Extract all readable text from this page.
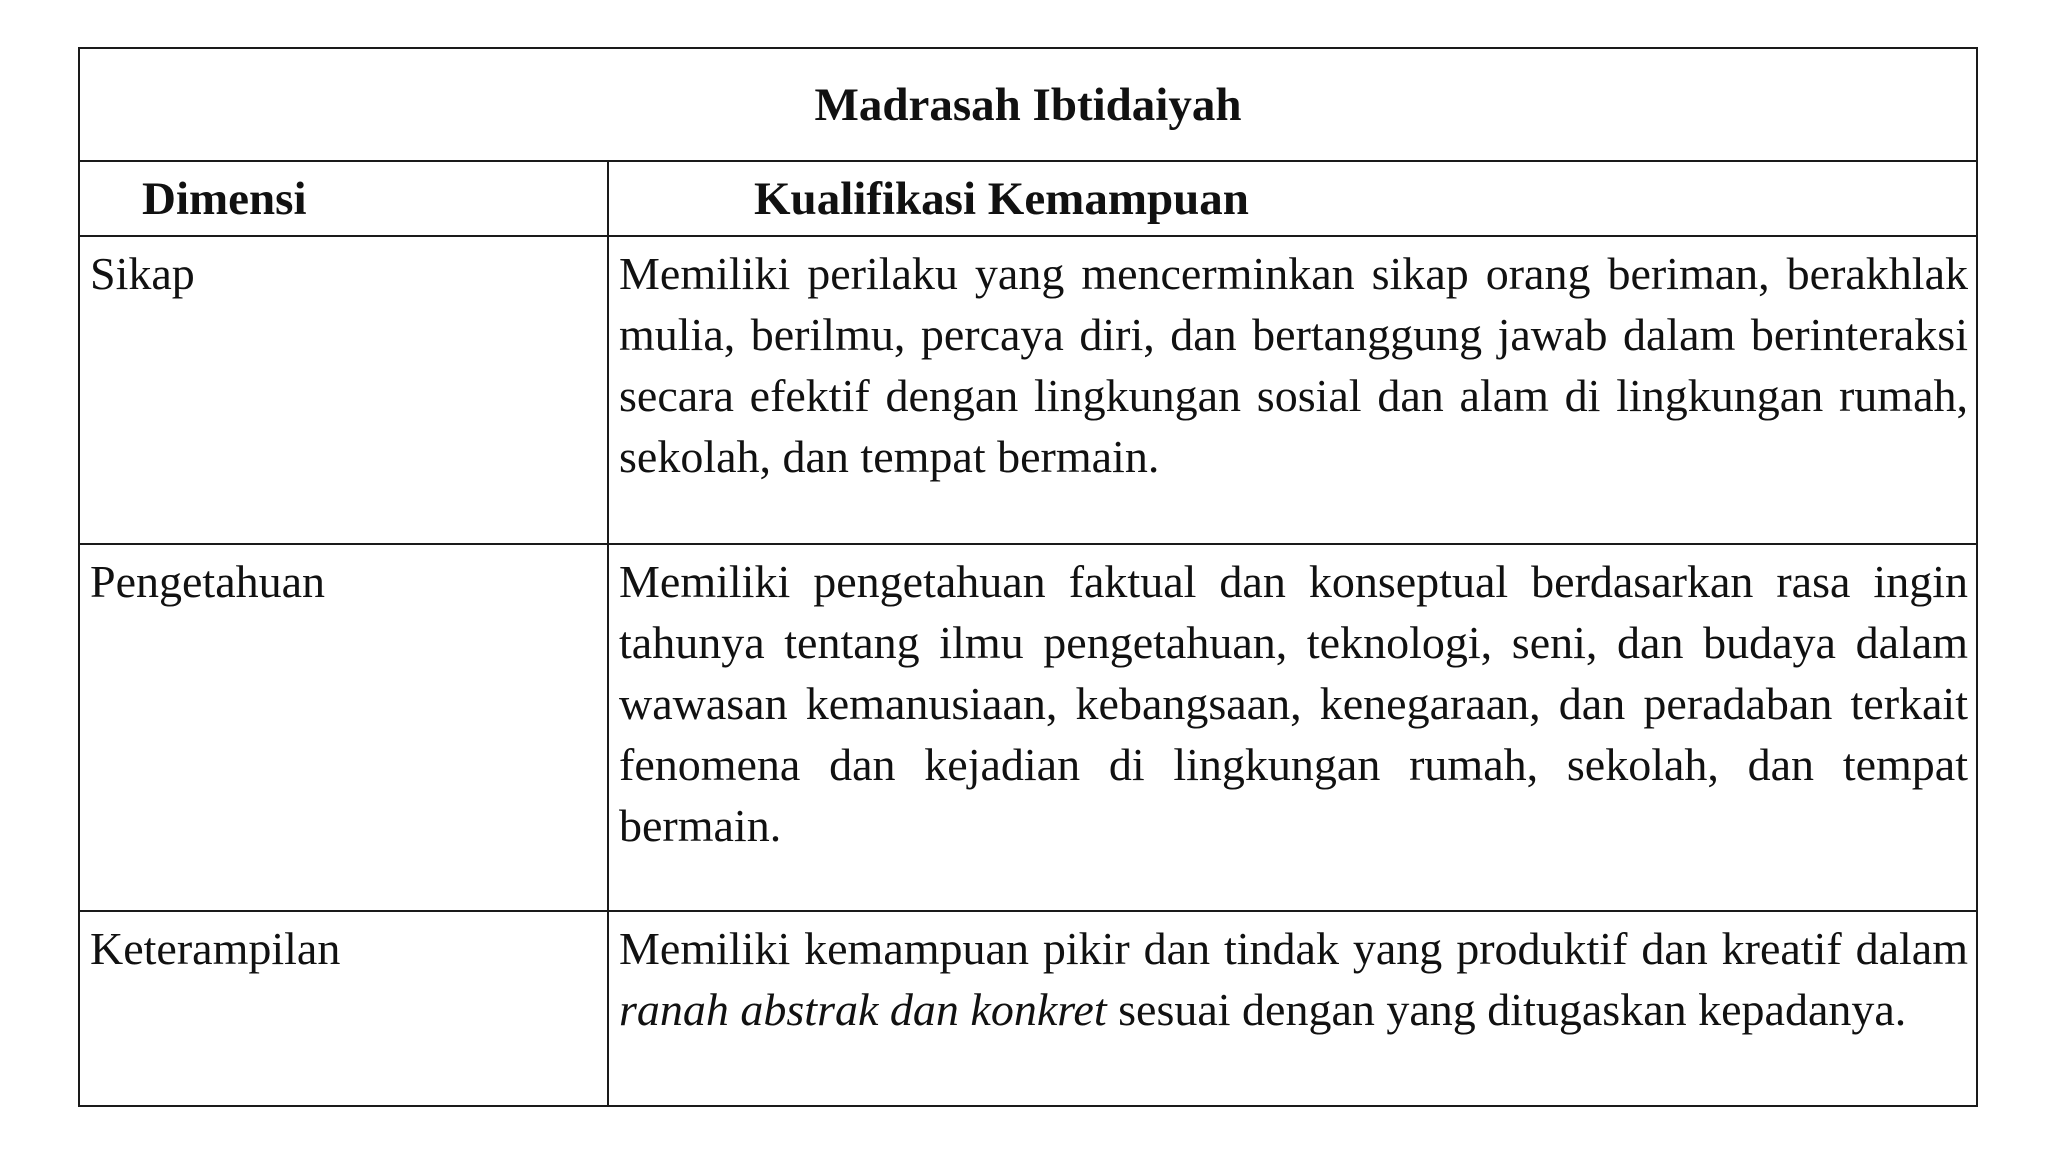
Madrasah Ibtidaiyah	
Dimensi	Kualifikasi Kemampuan
Sikap	Memiliki perilaku yang mencerminkan sikap orang beriman, berakhlak mulia, berilmu, percaya diri, dan bertanggung jawab dalam berinteraksi secara efektif dengan lingkungan sosial dan alam di lingkungan rumah, sekolah, dan tempat bermain.
Pengetahuan	Memiliki pengetahuan faktual dan konseptual berdasarkan rasa ingin tahunya tentang ilmu pengetahuan, teknologi, seni, dan budaya dalam wawasan kemanusiaan, kebangsaan, kenegaraan, dan peradaban terkait fenomena dan kejadian di lingkungan rumah, sekolah, dan tempat bermain.
Keterampilan	Memiliki kemampuan pikir dan tindak yang produktif dan kreatif dalam ranah abstrak dan konkret sesuai dengan yang ditugaskan kepadanya.
